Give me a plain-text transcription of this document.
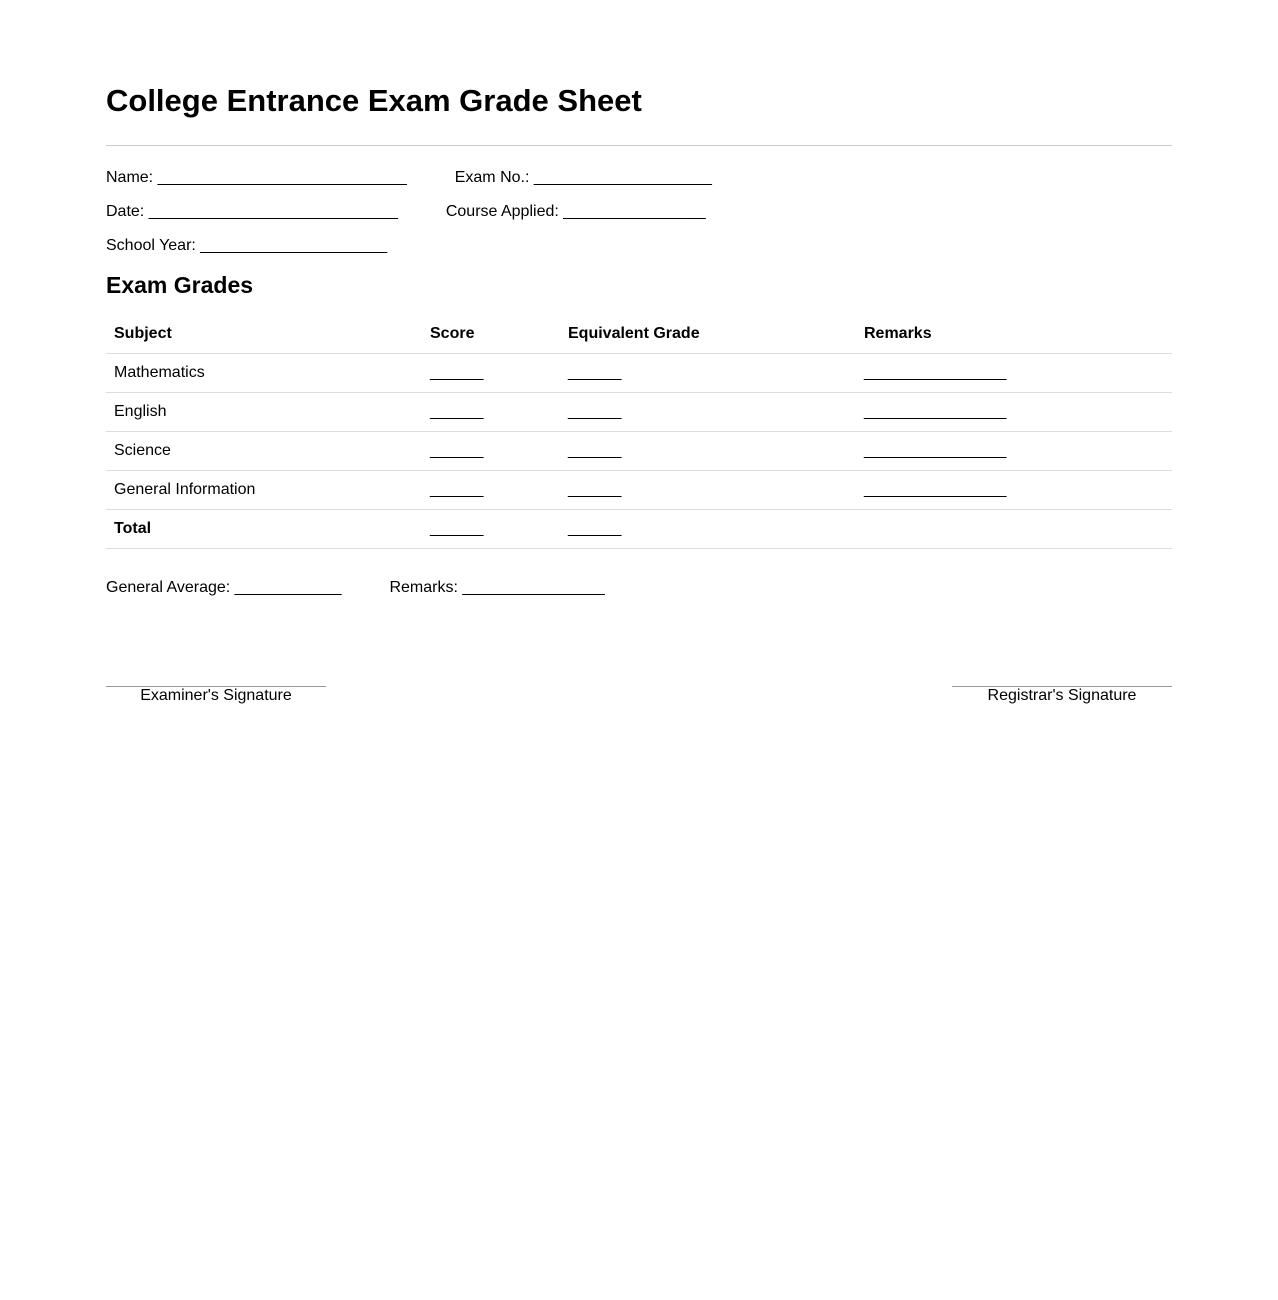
College Entrance Exam Grade Sheet
Name: ____________________________	Exam No.: ____________________
Date: ____________________________	Course Applied: ________________
School Year: _____________________
Exam Grades
Subject	Score	Equivalent Grade	Remarks
Mathematics	______	______	________________
English	______	______	________________
Science	______	______	________________
General Information	______	______	________________
Total	______	______	
General Average: ____________	Remarks: ________________
Examiner's Signature	Registrar's Signature
